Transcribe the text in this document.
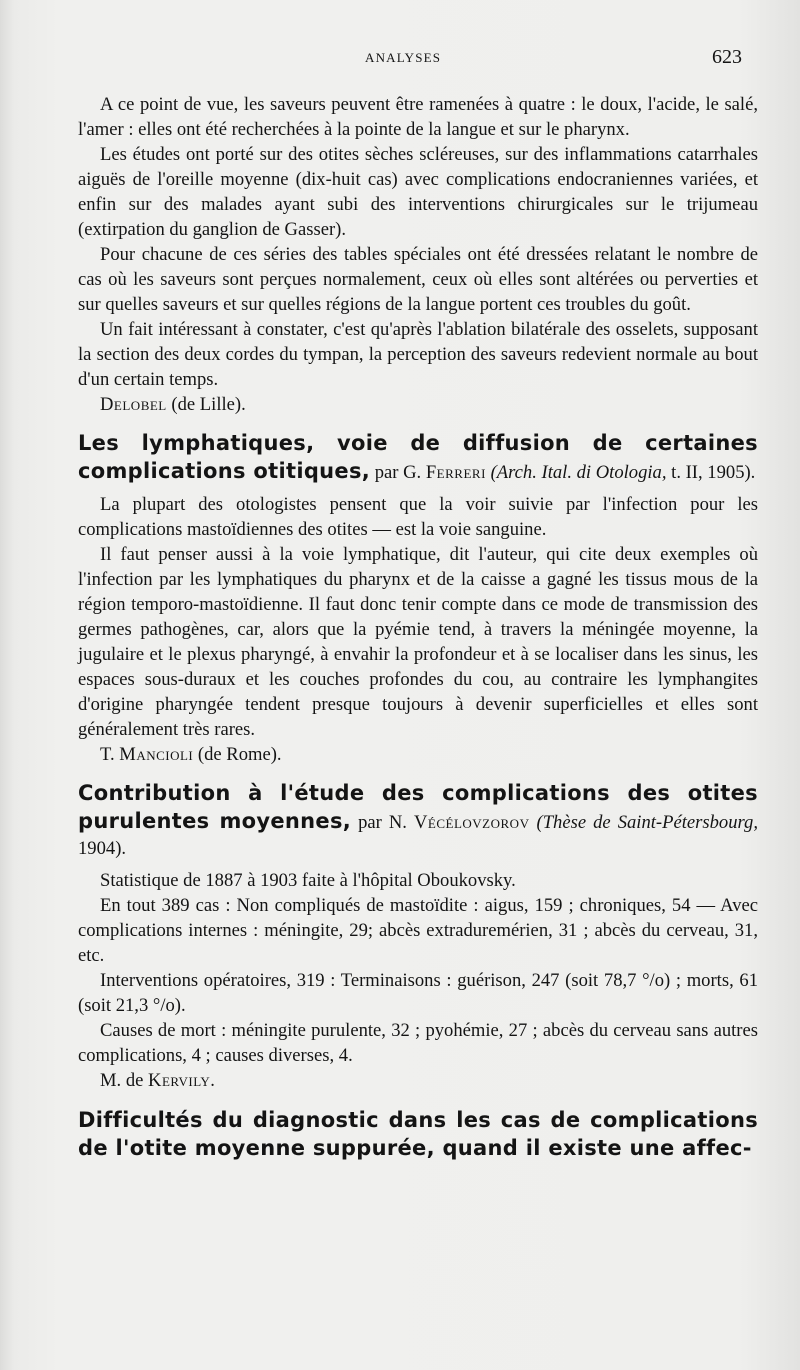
ANALYSES	623

A ce point de vue, les saveurs peuvent être ramenées à quatre : le doux, l'acide, le salé, l'amer : elles ont été recherchées à la pointe de la langue et sur le pharynx.

Les études ont porté sur des otites sèches scléreuses, sur des inflammations catarrhales aiguës de l'oreille moyenne (dix-huit cas) avec complications endocraniennes variées, et enfin sur des malades ayant subi des interventions chirurgicales sur le trijumeau (extirpation du ganglion de Gasser).

Pour chacune de ces séries des tables spéciales ont été dressées relatant le nombre de cas où les saveurs sont perçues normalement, ceux où elles sont altérées ou perverties et sur quelles saveurs et sur quelles régions de la langue portent ces troubles du goût.

Un fait intéressant à constater, c'est qu'après l'ablation bilatérale des osselets, supposant la section des deux cordes du tympan, la perception des saveurs redevient normale au bout d'un certain temps.

Delobel (de Lille).

Les lymphatiques, voie de diffusion de certaines complications otitiques, par G. Ferreri (Arch. Ital. di Otologia, t. II, 1905).

La plupart des otologistes pensent que la voir suivie par l'infection pour les complications mastoïdiennes des otites — est la voie sanguine.

Il faut penser aussi à la voie lymphatique, dit l'auteur, qui cite deux exemples où l'infection par les lymphatiques du pharynx et de la caisse a gagné les tissus mous de la région temporo-mastoïdienne. Il faut donc tenir compte dans ce mode de transmission des germes pathogènes, car, alors que la pyémie tend, à travers la méningée moyenne, la jugulaire et le plexus pharyngé, à envahir la profondeur et à se localiser dans les sinus, les espaces sous-duraux et les couches profondes du cou, au contraire les lymphangites d'origine pharyngée tendent presque toujours à devenir superficielles et elles sont généralement très rares.

T. Mancioli (de Rome).

Contribution à l'étude des complications des otites purulentes moyennes, par N. Vécélovzorov (Thèse de Saint-Pétersbourg, 1904).

Statistique de 1887 à 1903 faite à l'hôpital Oboukovsky.

En tout 389 cas : Non compliqués de mastoïdite : aigus, 159 ; chroniques, 54 — Avec complications internes : méningite, 29; abcès extraduremérien, 31 ; abcès du cerveau, 31, etc.

Interventions opératoires, 319 : Terminaisons : guérison, 247 (soit 78,7 °/o) ; morts, 61 (soit 21,3 °/o).

Causes de mort : méningite purulente, 32 ; pyohémie, 27 ; abcès du cerveau sans autres complications, 4 ; causes diverses, 4.

M. de Kervily.

Difficultés du diagnostic dans les cas de complications de l'otite moyenne suppurée, quand il existe une affec-
